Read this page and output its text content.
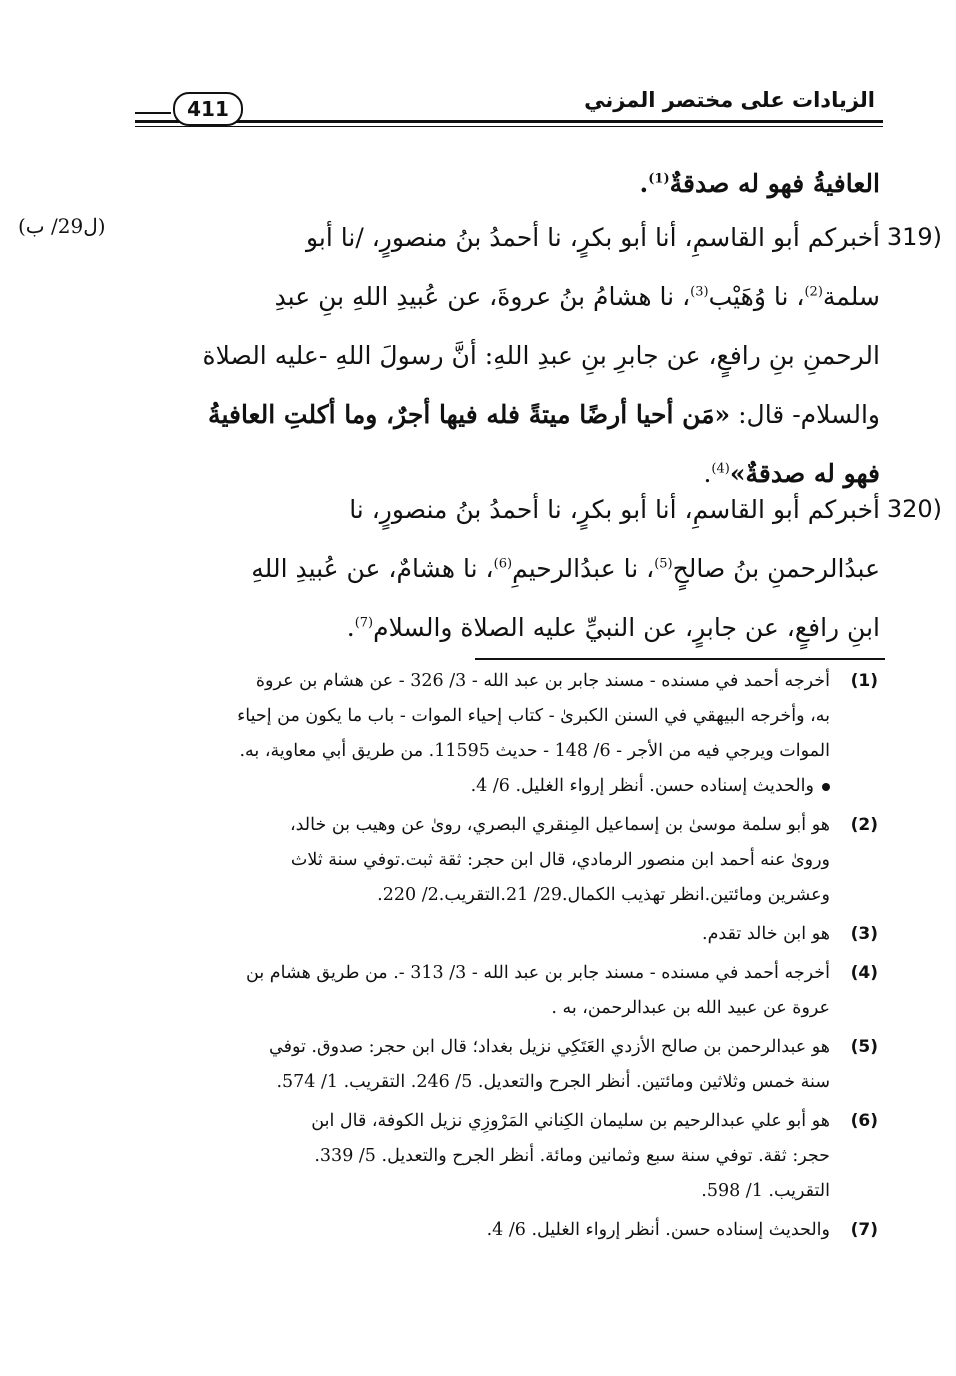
411	الزيادات على مختصر المزني
(ل29/ ب)

العافيةُ فهو له صدقةٌ$^{(1)}$.

319)

أخبركم أبو القاسمِ، أنا أبو بكرٍ، نا أحمدُ بنُ منصورٍ، /نا أبو

سلمة$^{(2)}$، نا وُهَيْب$^{(3)}$، نا هشامُ بنُ عروةَ، عن عُبيدِ اللهِ بنِ عبدِ

الرحمنِ بنِ رافعٍ، عن جابرِ بنِ عبدِ اللهِ: أنَّ رسولَ اللهِ -عليه الصلاة

والسلام- قال: «مَن أحيا أرضًا ميتةً فله فيها أجرٌ، وما أكلتِ العافيةُ

فهو له صدقةٌ»$^{(4)}$.

320)

أخبركم أبو القاسمِ، أنا أبو بكرٍ، نا أحمدُ بنُ منصورٍ، نا

عبدُالرحمنِ بنُ صالحٍ$^{(5)}$، نا عبدُالرحيمِ$^{(6)}$، نا هشامٌ، عن عُبيدِ اللهِ

ابنِ رافعٍ، عن جابرٍ، عن النبيِّ عليه الصلاة والسلام$^{(7)}$.

(1)

أخرجه أحمد في مسنده - مسند جابر بن عبد الله - 3/ 326 - عن هشام بن عروة

به، وأخرجه البيهقي في السنن الكبرىٰ - كتاب إحياء الموات - باب ما يكون من إحياء

الموات ويرجي فيه من الأجر - 6/ 148 - حديث 11595. من طريق أبي معاوية، به.

والحديث إسناده حسن. أنظر إرواء الغليل. 6/ 4.

(2)

هو أبو سلمة موسىٰ بن إسماعيل المِنقري البصري، روىٰ عن وهيب بن خالد،

وروىٰ عنه أحمد ابن منصور الرمادي، قال ابن حجر: ثقة ثبت.توفي سنة ثلاث

وعشرين ومائتين.انظر تهذيب الكمال.29/ 21.التقريب.2/ 220.

(3)

هو ابن خالد تقدم.

(4)

أخرجه أحمد في مسنده - مسند جابر بن عبد الله - 3/ 313 -. من طريق هشام بن

عروة عن عبيد الله بن عبدالرحمن، به .

(5)

هو عبدالرحمن بن صالح الأزدي العَتَكِي نزيل بغداد؛ قال ابن حجر: صدوق. توفي

سنة خمس وثلاثين ومائتين. أنظر الجرح والتعديل. 5/ 246. التقريب. 1/ 574.

(6)

هو أبو علي عبدالرحيم بن سليمان الكِناني المَرْوزِي نزيل الكوفة، قال ابن

حجر: ثقة. توفي سنة سبع وثمانين ومائة. أنظر الجرح والتعديل. 5/ 339.

التقريب. 1/ 598.

(7)

والحديث إسناده حسن. أنظر إرواء الغليل. 6/ 4.
